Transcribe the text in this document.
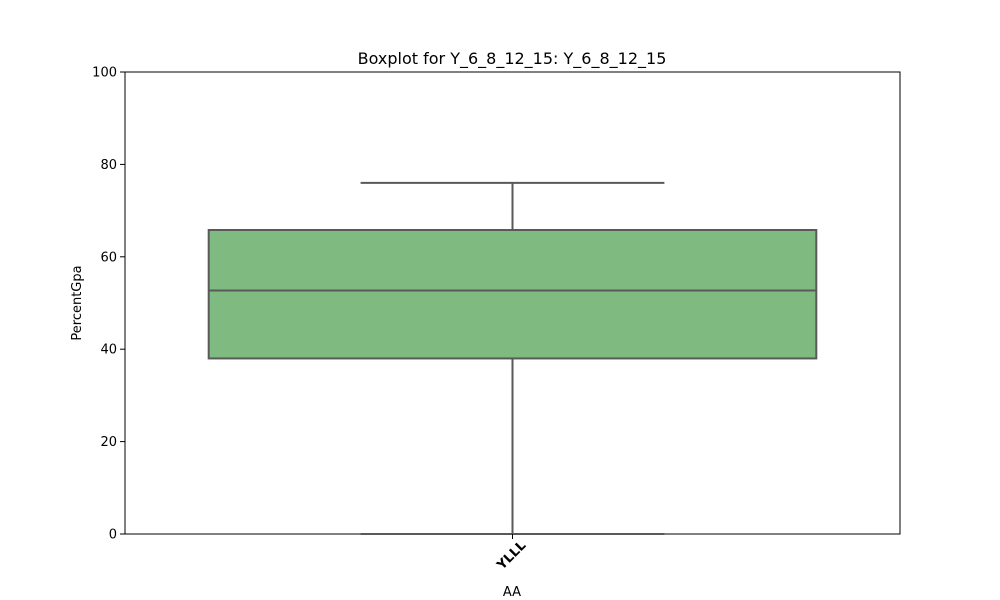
Boxplot for Y_6_8_12_15: Y_6_8_12_15
0
20
40
60
80
100
YLLL
AA
PercentGpa
